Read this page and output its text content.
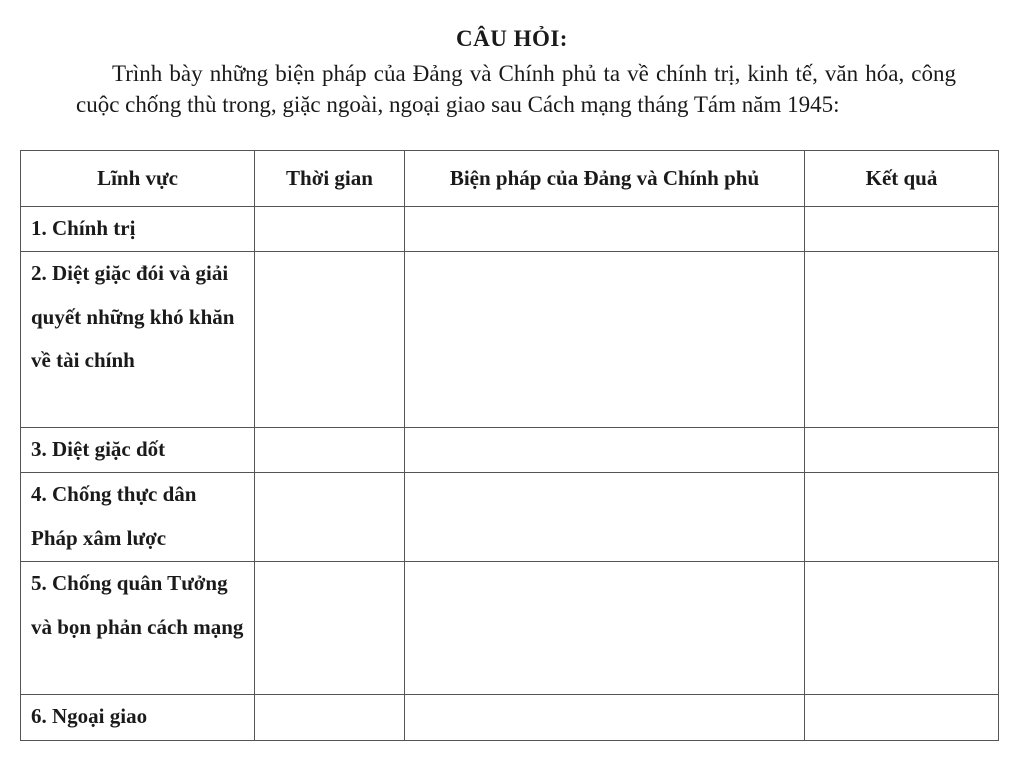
CÂU HỎI:
Trình bày những biện pháp của Đảng và Chính phủ ta về chính trị, kinh tế, văn hóa, công cuộc chống thù trong, giặc ngoài, ngoại giao sau Cách mạng tháng Tám năm 1945:
Lĩnh vực	Thời gian	Biện pháp của Đảng và Chính phủ	Kết quả
1. Chính trị			
2. Diệt giặc đói và giải quyết những khó khăn về tài chính			
3. Diệt giặc dốt			
4. Chống thực dân Pháp xâm lược			
5. Chống quân Tưởng và bọn phản cách mạng			
6. Ngoại giao			
